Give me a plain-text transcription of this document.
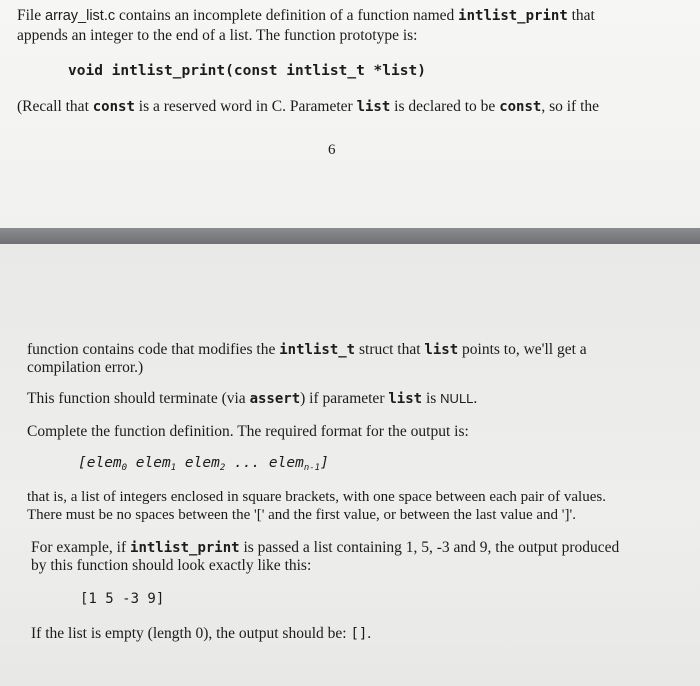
File array_list.c contains an incomplete definition of a function named intlist_print that
appends an integer to the end of a list. The function prototype is:
void intlist_print(const intlist_t *list)
(Recall that const is a reserved word in C. Parameter list is declared to be const, so if the
6
function contains code that modifies the intlist_t struct that list points to, we'll get a
compilation error.)
This function should terminate (via assert) if parameter list is NULL.
Complete the function definition. The required format for the output is:
[elem$_0$ elem$_1$ elem$_2$ ... elem$_{n-1}$]
that is, a list of integers enclosed in square brackets, with one space between each pair of values.
There must be no spaces between the '[' and the first value, or between the last value and ']'.
For example, if intlist_print is passed a list containing 1, 5, -3 and 9, the output produced
by this function should look exactly like this:
[1 5 -3 9]
If the list is empty (length 0), the output should be: [].
